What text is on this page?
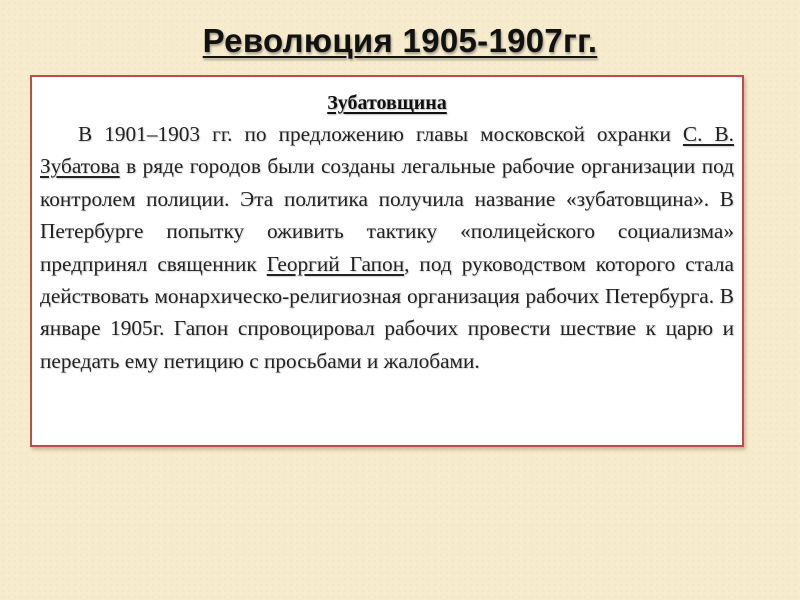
Революция 1905-1907гг.
Зубатовщина

В 1901–1903 гг. по предложению главы московской охранки С. В. Зубатова в ряде городов были созданы легальные рабочие организации под контролем полиции. Эта политика получила название «зубатовщина». В Петербурге попытку оживить тактику «полицейского социализма» предпринял священник Георгий Гапон, под руководством которого стала действовать монархическо-религиозная организация рабочих Петербурга. В январе 1905г. Гапон спровоцировал рабочих провести шествие к царю и передать ему петицию с просьбами и жалобами.
